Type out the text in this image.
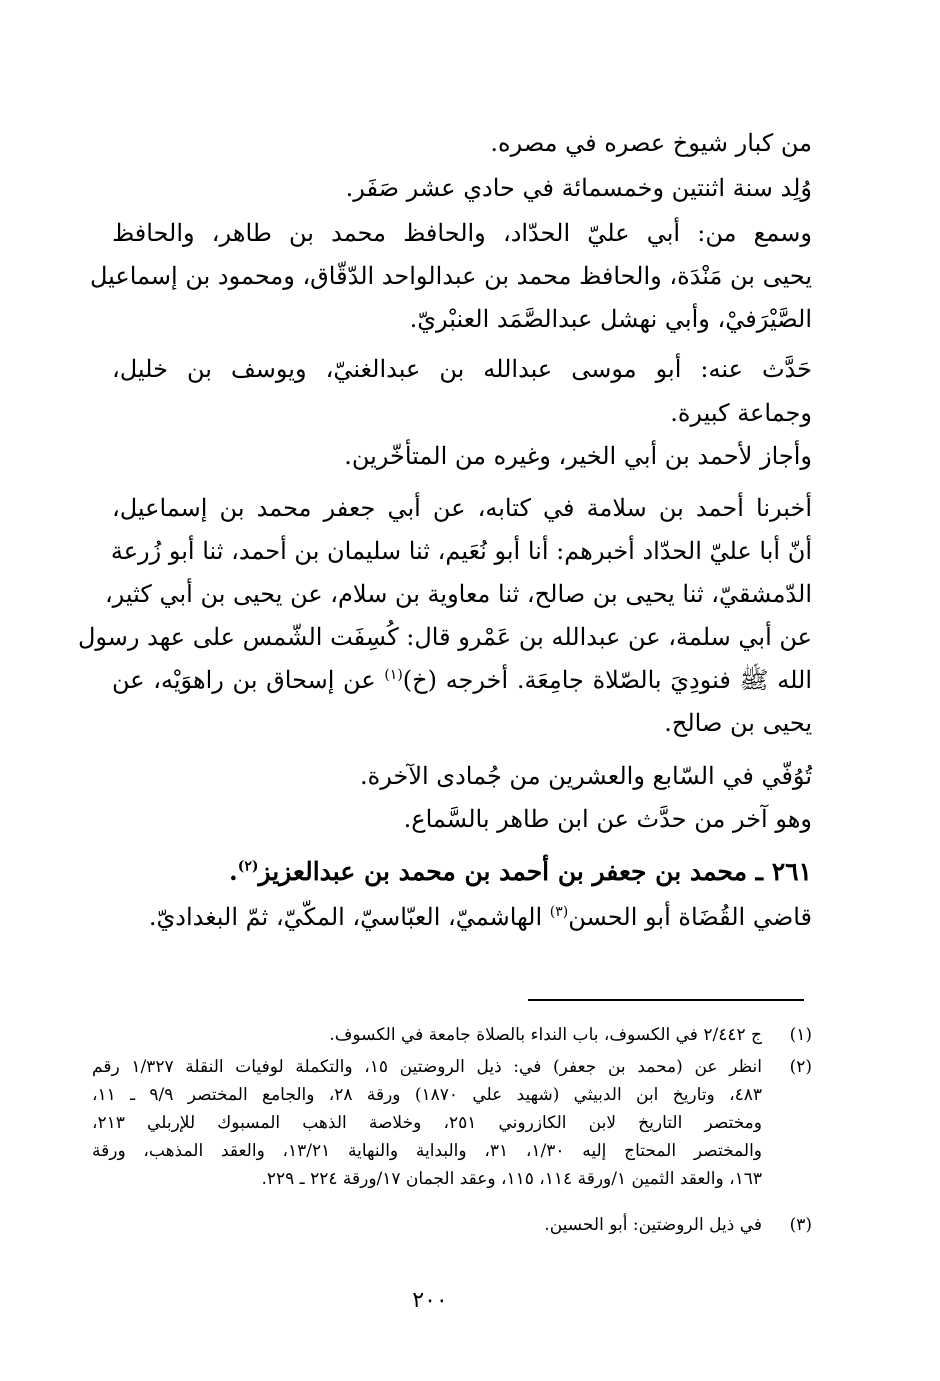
من كبار شيوخ عصره في مصره.
وُلِد سنة اثنتين وخمسمائة في حادي عشر صَفَر.
وسمع من: أبي عليّ الحدّاد، والحافظ محمد بن طاهر، والحافظ
يحيى بن مَنْدَة، والحافظ محمد بن عبدالواحد الدّقّاق، ومحمود بن إسماعيل
الصَّيْرَفيْ، وأبي نهشل عبدالصَّمَد العنبْريّ.
حَدَّث عنه: أبو موسى عبدالله بن عبدالغنيّ، ويوسف بن خليل،
وجماعة كبيرة.
وأجاز لأحمد بن أبي الخير، وغيره من المتأخّرين.
أخبرنا أحمد بن سلامة في كتابه، عن أبي جعفر محمد بن إسماعيل،
أنّ أبا عليّ الحدّاد أخبرهم: أنا أبو نُعَيم، ثنا سليمان بن أحمد، ثنا أبو زُرعة
الدّمشقيّ، ثنا يحيى بن صالح، ثنا معاوية بن سلام، عن يحيى بن أبي كثير،
عن أبي سلمة، عن عبدالله بن عَمْرو قال: كُسِفَت الشّمس على عهد رسول
الله ﷺ فنودِيَ بالصّلاة جامِعَة. أخرجه (خ)$^{(١)}$ عن إسحاق بن راهوَيْه، عن
يحيى بن صالح.
تُوُفّي في السّابع والعشرين من جُمادى الآخرة.
وهو آخر من حدَّث عن ابن طاهر بالسَّماع.
٢٦١ ـ محمد بن جعفر بن أحمد بن محمد بن عبدالعزيز$^{(٢)}$.
قاضي القُضَاة أبو الحسن$^{(٣)}$ الهاشميّ، العبّاسيّ، المكّيّ، ثمّ البغداديّ.
(١)
ج ٢/٤٤٢ في الكسوف، باب النداء بالصلاة جامعة في الكسوف.
(٢)
انظر عن (محمد بن جعفر) في: ذيل الروضتين ١٥، والتكملة لوفيات النقلة ١/٣٢٧ رقم
٤٨٣، وتاريخ ابن الدبيثي (شهيد علي ١٨٧٠) ورقة ٢٨، والجامع المختصر ٩/٩ ـ ١١،
ومختصر التاريخ لابن الكازروني ٢٥١، وخلاصة الذهب المسبوك للإربلي ٢١٣،
والمختصر المحتاج إليه ١/٣٠، ٣١، والبداية والنهاية ١٣/٢١، والعقد المذهب، ورقة
١٦٣، والعقد الثمين ١/ورقة ١١٤، ١١٥، وعقد الجمان ١٧/ورقة ٢٢٤ ـ ٢٢٩.
(٣)
في ذيل الروضتين: أبو الحسين.
٢٠٠
